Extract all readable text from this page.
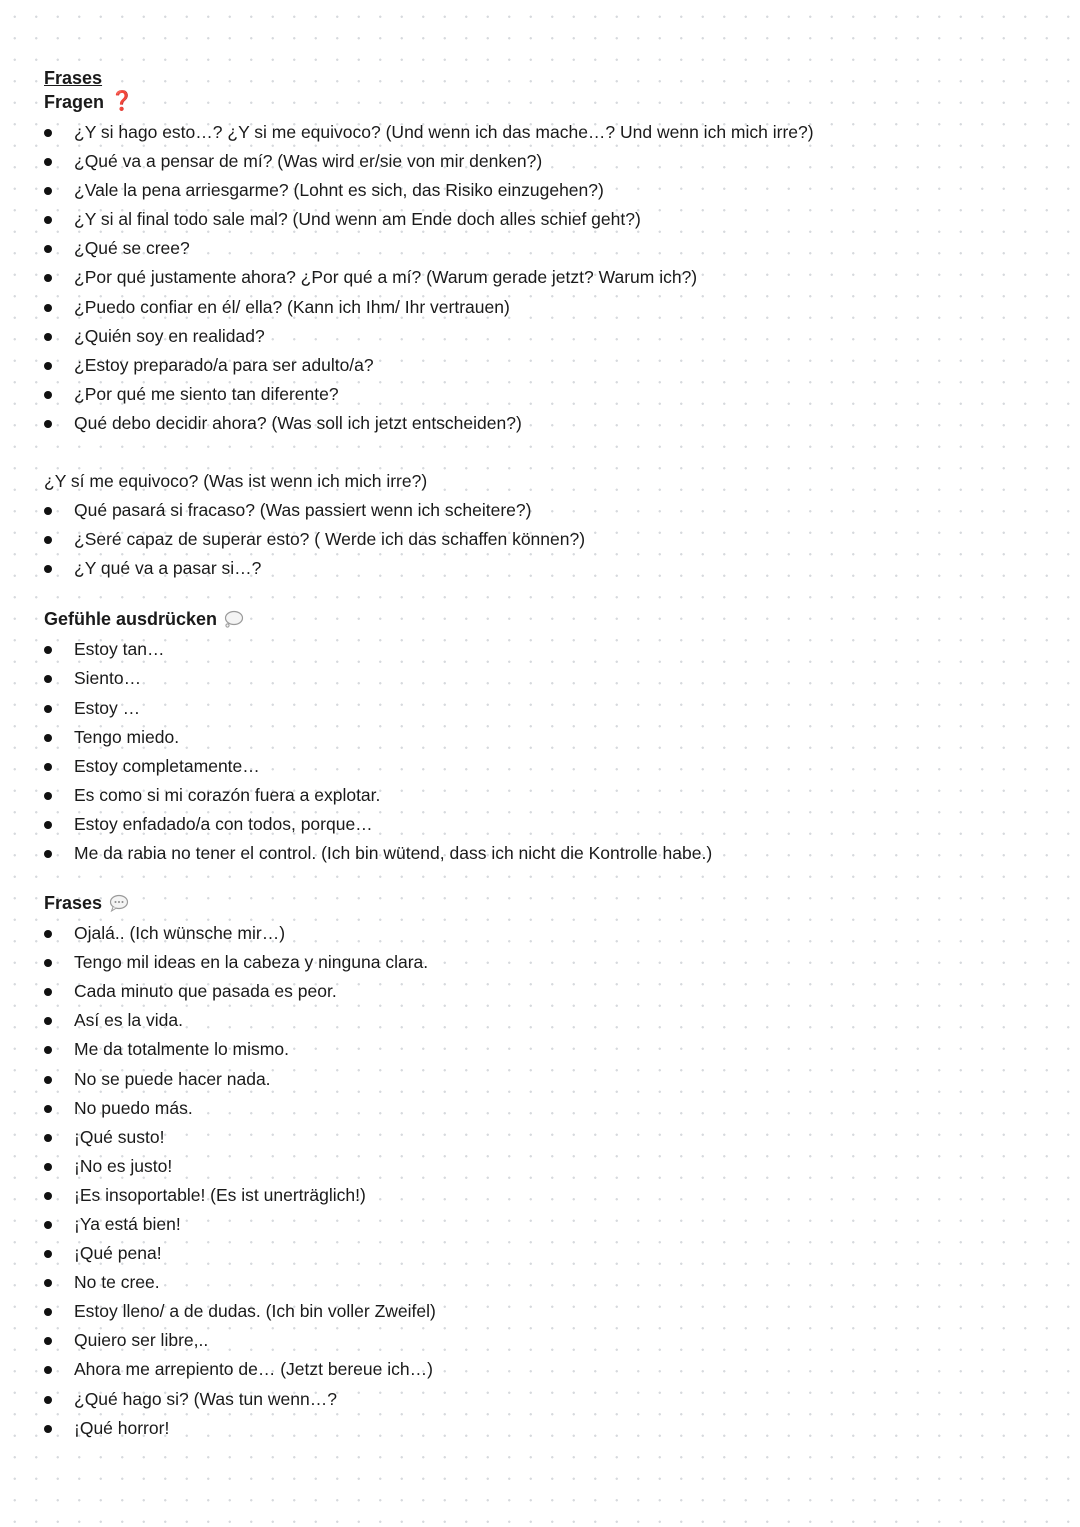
Frases
Fragen ❓
¿Y si hago esto…? ¿Y si me equivoco? (Und wenn ich das mache…? Und wenn ich mich irre?)
¿Qué va a pensar de mí? (Was wird er/sie von mir denken?)
¿Vale la pena arriesgarme? (Lohnt es sich, das Risiko einzugehen?)
¿Y si al final todo sale mal? (Und wenn am Ende doch alles schief geht?)
¿Qué se cree?
¿Por qué justamente ahora? ¿Por qué a mí? (Warum gerade jetzt? Warum ich?)
¿Puedo confiar en él/ ella? (Kann ich Ihm/ Ihr vertrauen)
¿Quién soy en realidad?
¿Estoy preparado/a para ser adulto/a?
¿Por qué me siento tan diferente?
Qué debo decidir ahora? (Was soll ich jetzt entscheiden?)

¿Y sí me equivoco? (Was ist wenn ich mich irre?)

Qué pasará si fracaso? (Was passiert wenn ich scheitere?)
¿Seré capaz de superar esto? ( Werde ich das schaffen können?)
¿Y qué va a pasar si…?
Gefühle ausdrücken
Estoy tan…
Siento…
Estoy …
Tengo miedo.
Estoy completamente…
Es como si mi corazón fuera a explotar.
Estoy enfadado/a con todos, porque…
Me da rabia no tener el control. (Ich bin wütend, dass ich nicht die Kontrolle habe.)
Frases
Ojalá.. (Ich wünsche mir…)
Tengo mil ideas en la cabeza y ninguna clara.
Cada minuto que pasada es peor.
Así es la vida.
Me da totalmente lo mismo.
No se puede hacer nada.
No puedo más.
¡Qué susto!
¡No es justo!
¡Es insoportable! (Es ist unerträglich!)
¡Ya está bien!
¡Qué pena!
No te cree.
Estoy lleno/ a de dudas. (Ich bin voller Zweifel)
Quiero ser libre,..
Ahora me arrepiento de… (Jetzt bereue ich…)
¿Qué hago si? (Was tun wenn…?
¡Qué horror!
